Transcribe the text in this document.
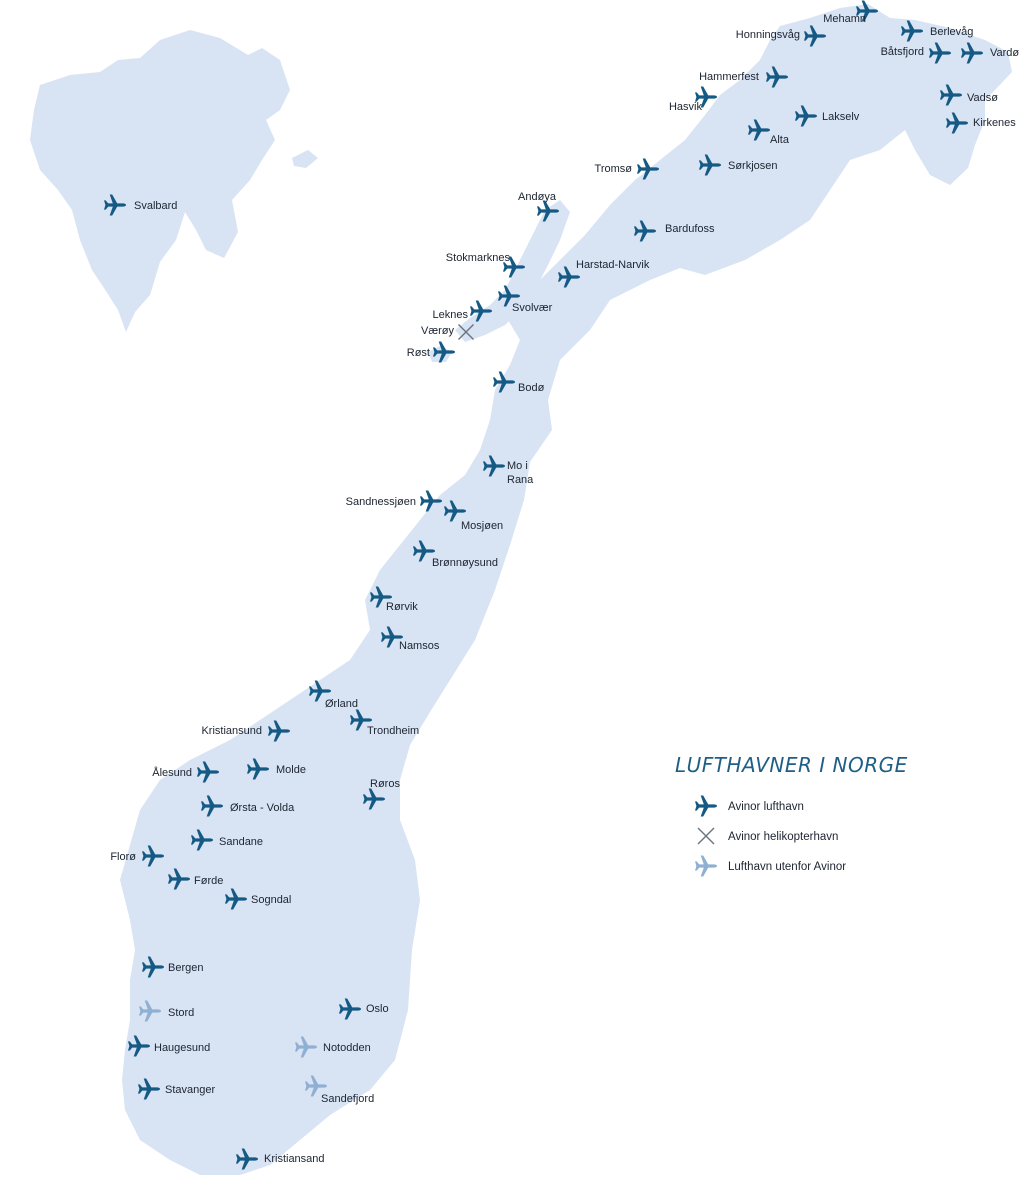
Mehamn
Honningsvåg	Berlevåg
Båtsfjord	Vardø
Hammerfest
Hasvik
Vadsø
Lakselv	Kirkenes
Alta
Tromsø	Sørkjosen
Svalbard
Andøya
Bardufoss
Stokmarknes
Harstad-Narvik
Svolvær
Leknes
Værøy
Røst
Bodø
Mo i Rana
Sandnessjøen
Mosjøen
Brønnøysund
Rørvik
Namsos
Ørland
Kristiansund	Trondheim
Ålesund	Molde
Røros
Ørsta - Volda
Sandane
Florø
Førde
Sogndal
Bergen
Stord	Oslo
Haugesund	Notodden
Stavanger
Sandefjord
Kristiansand
LUFTHAVNER I NORGE
Avinor lufthavn
Avinor helikopterhavn
Lufthavn utenfor Avinor
